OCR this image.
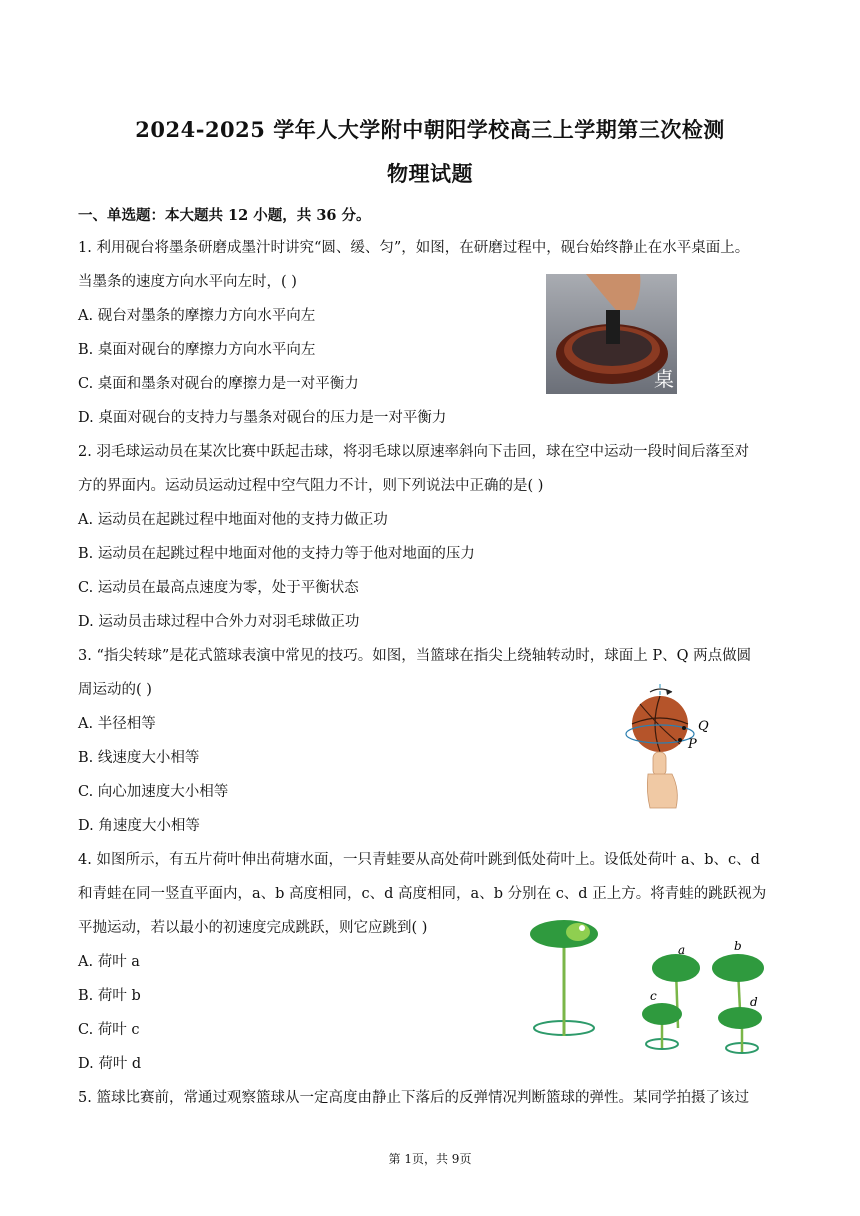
2024-2025 学年人大学附中朝阳学校高三上学期第三次检测
物理试题
一、单选题：本大题共 12 小题，共 36 分。
1. 利用砚台将墨条研磨成墨汁时讲究“圆、缓、匀”，如图，在研磨过程中，砚台始终静止在水平桌面上。
当墨条的速度方向水平向左时，( )
A. 砚台对墨条的摩擦力方向水平向左
B. 桌面对砚台的摩擦力方向水平向左
C. 桌面和墨条对砚台的摩擦力是一对平衡力
D. 桌面对砚台的支持力与墨条对砚台的压力是一对平衡力
桌
2. 羽毛球运动员在某次比赛中跃起击球，将羽毛球以原速率斜向下击回，球在空中运动一段时间后落至对
方的界面内。运动员运动过程中空气阻力不计，则下列说法中正确的是( )
A. 运动员在起跳过程中地面对他的支持力做正功
B. 运动员在起跳过程中地面对他的支持力等于他对地面的压力
C. 运动员在最高点速度为零，处于平衡状态
D. 运动员击球过程中合外力对羽毛球做正功
3. “指尖转球”是花式篮球表演中常见的技巧。如图，当篮球在指尖上绕轴转动时，球面上 P、Q 两点做圆
周运动的( )
A. 半径相等
B. 线速度大小相等
C. 向心加速度大小相等
D. 角速度大小相等
Q
P
4. 如图所示，有五片荷叶伸出荷塘水面，一只青蛙要从高处荷叶跳到低处荷叶上。设低处荷叶 a、b、c、d
和青蛙在同一竖直平面内，a、b 高度相同，c、d 高度相同，a、b 分别在 c、d 正上方。将青蛙的跳跃视为
平抛运动，若以最小的初速度完成跳跃，则它应跳到( )
A. 荷叶 a
B. 荷叶 b
C. 荷叶 c
D. 荷叶 d
a	b
c	d
5. 篮球比赛前，常通过观察篮球从一定高度由静止下落后的反弹情况判断篮球的弹性。某同学拍摄了该过
第 1页，共 9页
